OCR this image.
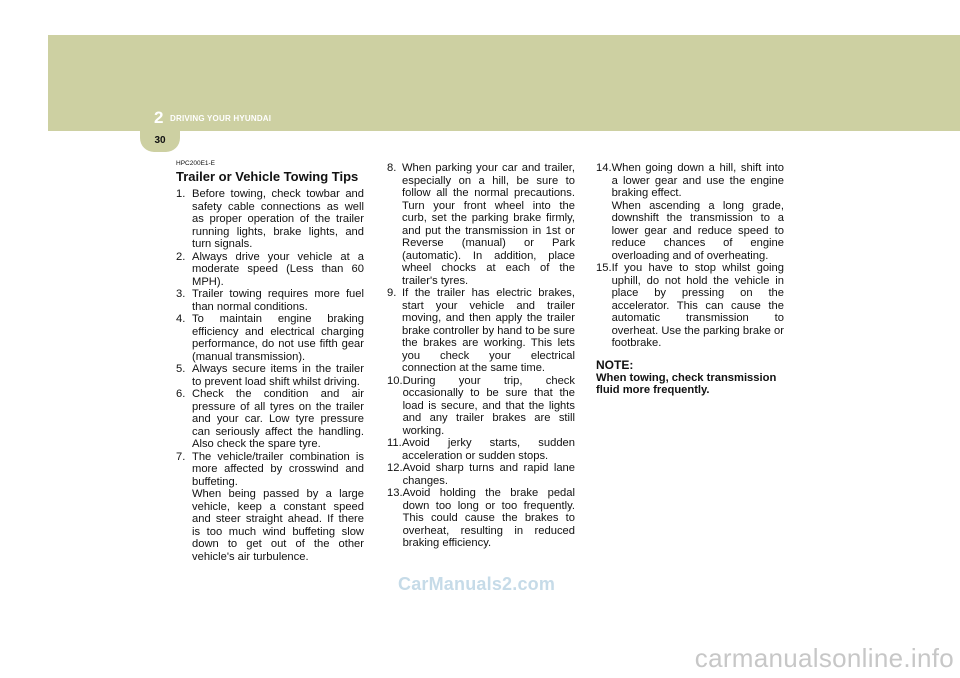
2 DRIVING YOUR HYUNDAI
30

HPC200E1-E

Trailer or Vehicle Towing Tips
1. Before towing, check towbar and safety cable connections as well as proper operation of the trailer running lights, brake lights, and turn signals.
2. Always drive your vehicle at a moderate speed (Less than 60 MPH).
3. Trailer towing requires more fuel than normal conditions.
4. To maintain engine braking efficiency and electrical charging performance, do not use fifth gear (manual transmission).
5. Always secure items in the trailer to prevent load shift whilst driving.
6. Check the condition and air pressure of all tyres on the trailer and your car. Low tyre pressure can seriously affect the handling. Also check the spare tyre.
7. The vehicle/trailer combination is more affected by crosswind and buffeting.
When being passed by a large vehicle, keep a constant speed and steer straight ahead. If there is too much wind buffeting slow down to get out of the other vehicle's air turbulence.
8. When parking your car and trailer, especially on a hill, be sure to follow all the normal precautions. Turn your front wheel into the curb, set the parking brake firmly, and put the transmission in 1st or Reverse (manual) or Park (automatic). In addition, place wheel chocks at each of the trailer's tyres.
9. If the trailer has electric brakes, start your vehicle and trailer moving, and then apply the trailer brake controller by hand to be sure the brakes are working. This lets you check your electrical connection at the same time.
10. During your trip, check occasionally to be sure that the load is secure, and that the lights and any trailer brakes are still working.
11. Avoid jerky starts, sudden acceleration or sudden stops.
12. Avoid sharp turns and rapid lane changes.
13. Avoid holding the brake pedal down too long or too frequently. This could cause the brakes to overheat, resulting in reduced braking efficiency.
14. When going down a hill, shift into a lower gear and use the engine braking effect.
When ascending a long grade, downshift the transmission to a lower gear and reduce speed to reduce chances of engine overloading and of overheating.
15. If you have to stop whilst going uphill, do not hold the vehicle in place by pressing on the accelerator. This can cause the automatic transmission to overheat. Use the parking brake or footbrake.
NOTE:

When towing, check transmission fluid more frequently.

CarManuals2.com
carmanualsonline.info
